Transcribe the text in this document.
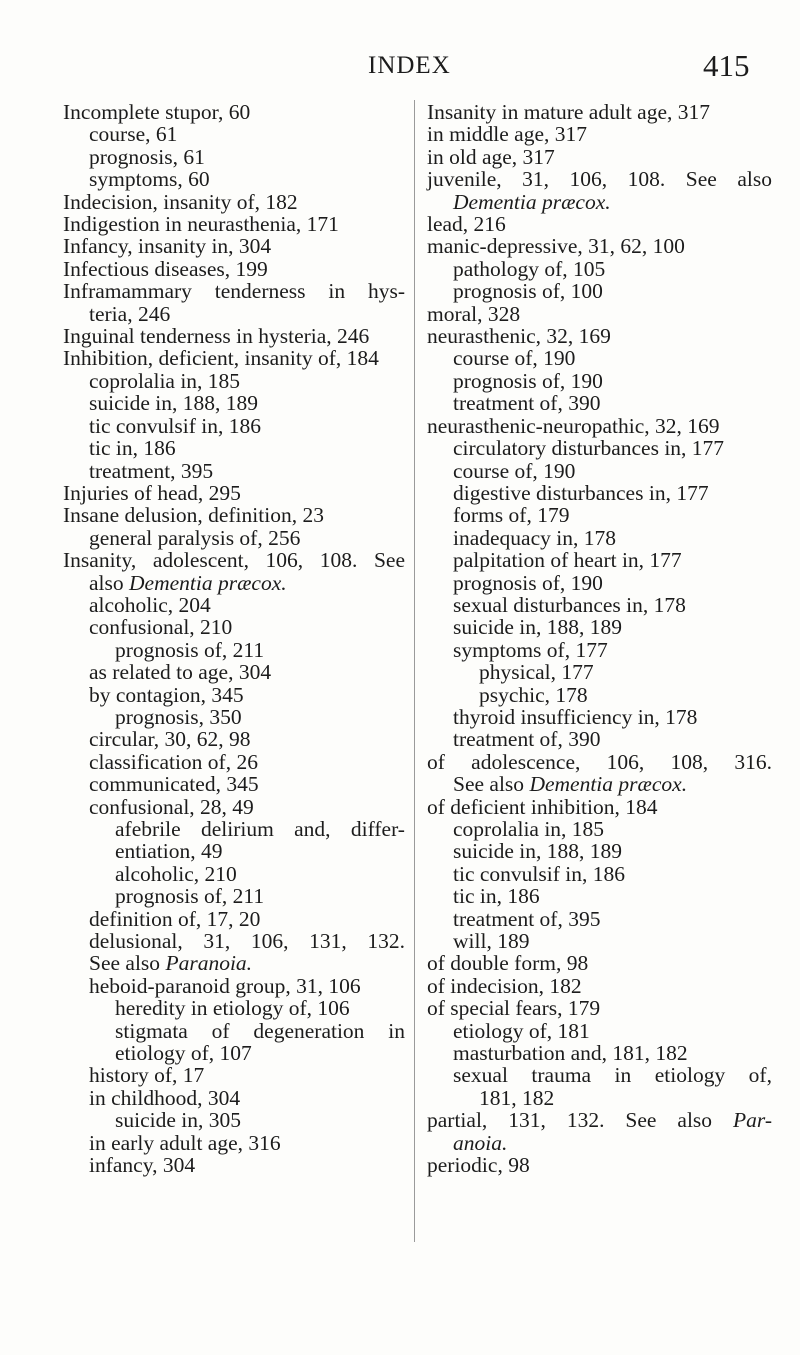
INDEX	415
Incomplete stupor, 60
course, 61
prognosis, 61
symptoms, 60
Indecision, insanity of, 182
Indigestion in neurasthenia, 171
Infancy, insanity in, 304
Infectious diseases, 199
Inframammary tenderness in hys-
teria, 246
Inguinal tenderness in hysteria, 246
Inhibition, deficient, insanity of, 184
coprolalia in, 185
suicide in, 188, 189
tic convulsif in, 186
tic in, 186
treatment, 395
Injuries of head, 295
Insane delusion, definition, 23
general paralysis of, 256
Insanity, adolescent, 106, 108. See
also Dementia præcox.
alcoholic, 204
confusional, 210
prognosis of, 211
as related to age, 304
by contagion, 345
prognosis, 350
circular, 30, 62, 98
classification of, 26
communicated, 345
confusional, 28, 49
afebrile delirium and, differ-
entiation, 49
alcoholic, 210
prognosis of, 211
definition of, 17, 20
delusional, 31, 106, 131, 132.
See also Paranoia.
heboid-paranoid group, 31, 106
heredity in etiology of, 106
stigmata of degeneration in
etiology of, 107
history of, 17
in childhood, 304
suicide in, 305
in early adult age, 316
infancy, 304
Insanity in mature adult age, 317
in middle age, 317
in old age, 317
juvenile, 31, 106, 108. See also
Dementia præcox.
lead, 216
manic-depressive, 31, 62, 100
pathology of, 105
prognosis of, 100
moral, 328
neurasthenic, 32, 169
course of, 190
prognosis of, 190
treatment of, 390
neurasthenic-neuropathic, 32, 169
circulatory disturbances in, 177
course of, 190
digestive disturbances in, 177
forms of, 179
inadequacy in, 178
palpitation of heart in, 177
prognosis of, 190
sexual disturbances in, 178
suicide in, 188, 189
symptoms of, 177
physical, 177
psychic, 178
thyroid insufficiency in, 178
treatment of, 390
of adolescence, 106, 108, 316.
See also Dementia præcox.
of deficient inhibition, 184
coprolalia in, 185
suicide in, 188, 189
tic convulsif in, 186
tic in, 186
treatment of, 395
will, 189
of double form, 98
of indecision, 182
of special fears, 179
etiology of, 181
masturbation and, 181, 182
sexual trauma in etiology of,
181, 182
partial, 131, 132. See also Par-
anoia.
periodic, 98
